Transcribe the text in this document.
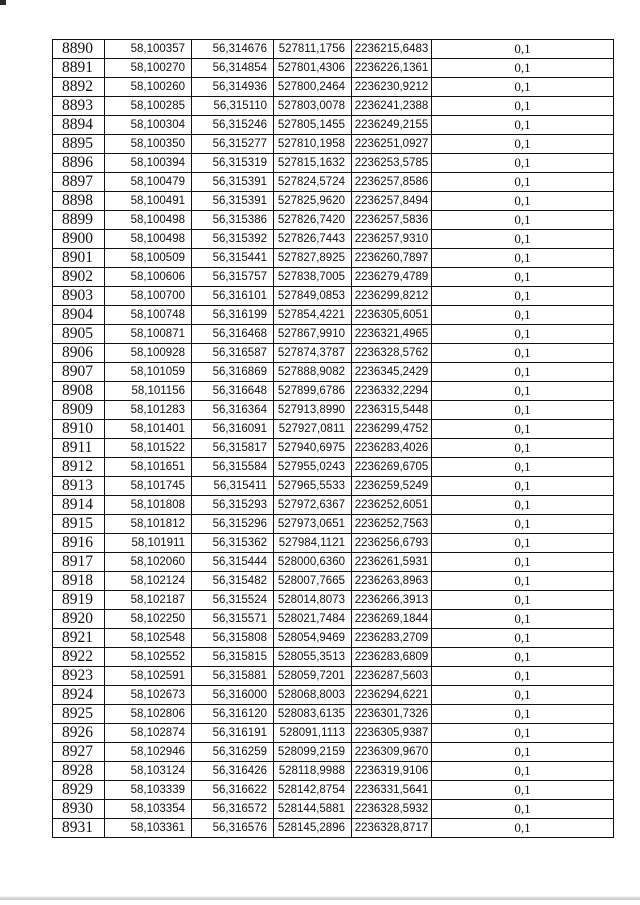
8890	58,100357	56,314676	527811,1756	2236215,6483	0,1
8891	58,100270	56,314854	527801,4306	2236226,1361	0,1
8892	58,100260	56,314936	527800,2464	2236230,9212	0,1
8893	58,100285	56,315110	527803,0078	2236241,2388	0,1
8894	58,100304	56,315246	527805,1455	2236249,2155	0,1
8895	58,100350	56,315277	527810,1958	2236251,0927	0,1
8896	58,100394	56,315319	527815,1632	2236253,5785	0,1
8897	58,100479	56,315391	527824,5724	2236257,8586	0,1
8898	58,100491	56,315391	527825,9620	2236257,8494	0,1
8899	58,100498	56,315386	527826,7420	2236257,5836	0,1
8900	58,100498	56,315392	527826,7443	2236257,9310	0,1
8901	58,100509	56,315441	527827,8925	2236260,7897	0,1
8902	58,100606	56,315757	527838,7005	2236279,4789	0,1
8903	58,100700	56,316101	527849,0853	2236299,8212	0,1
8904	58,100748	56,316199	527854,4221	2236305,6051	0,1
8905	58,100871	56,316468	527867,9910	2236321,4965	0,1
8906	58,100928	56,316587	527874,3787	2236328,5762	0,1
8907	58,101059	56,316869	527888,9082	2236345,2429	0,1
8908	58,101156	56,316648	527899,6786	2236332,2294	0,1
8909	58,101283	56,316364	527913,8990	2236315,5448	0,1
8910	58,101401	56,316091	527927,0811	2236299,4752	0,1
8911	58,101522	56,315817	527940,6975	2236283,4026	0,1
8912	58,101651	56,315584	527955,0243	2236269,6705	0,1
8913	58,101745	56,315411	527965,5533	2236259,5249	0,1
8914	58,101808	56,315293	527972,6367	2236252,6051	0,1
8915	58,101812	56,315296	527973,0651	2236252,7563	0,1
8916	58,101911	56,315362	527984,1121	2236256,6793	0,1
8917	58,102060	56,315444	528000,6360	2236261,5931	0,1
8918	58,102124	56,315482	528007,7665	2236263,8963	0,1
8919	58,102187	56,315524	528014,8073	2236266,3913	0,1
8920	58,102250	56,315571	528021,7484	2236269,1844	0,1
8921	58,102548	56,315808	528054,9469	2236283,2709	0,1
8922	58,102552	56,315815	528055,3513	2236283,6809	0,1
8923	58,102591	56,315881	528059,7201	2236287,5603	0,1
8924	58,102673	56,316000	528068,8003	2236294,6221	0,1
8925	58,102806	56,316120	528083,6135	2236301,7326	0,1
8926	58,102874	56,316191	528091,1113	2236305,9387	0,1
8927	58,102946	56,316259	528099,2159	2236309,9670	0,1
8928	58,103124	56,316426	528118,9988	2236319,9106	0,1
8929	58,103339	56,316622	528142,8754	2236331,5641	0,1
8930	58,103354	56,316572	528144,5881	2236328,5932	0,1
8931	58,103361	56,316576	528145,2896	2236328,8717	0,1
